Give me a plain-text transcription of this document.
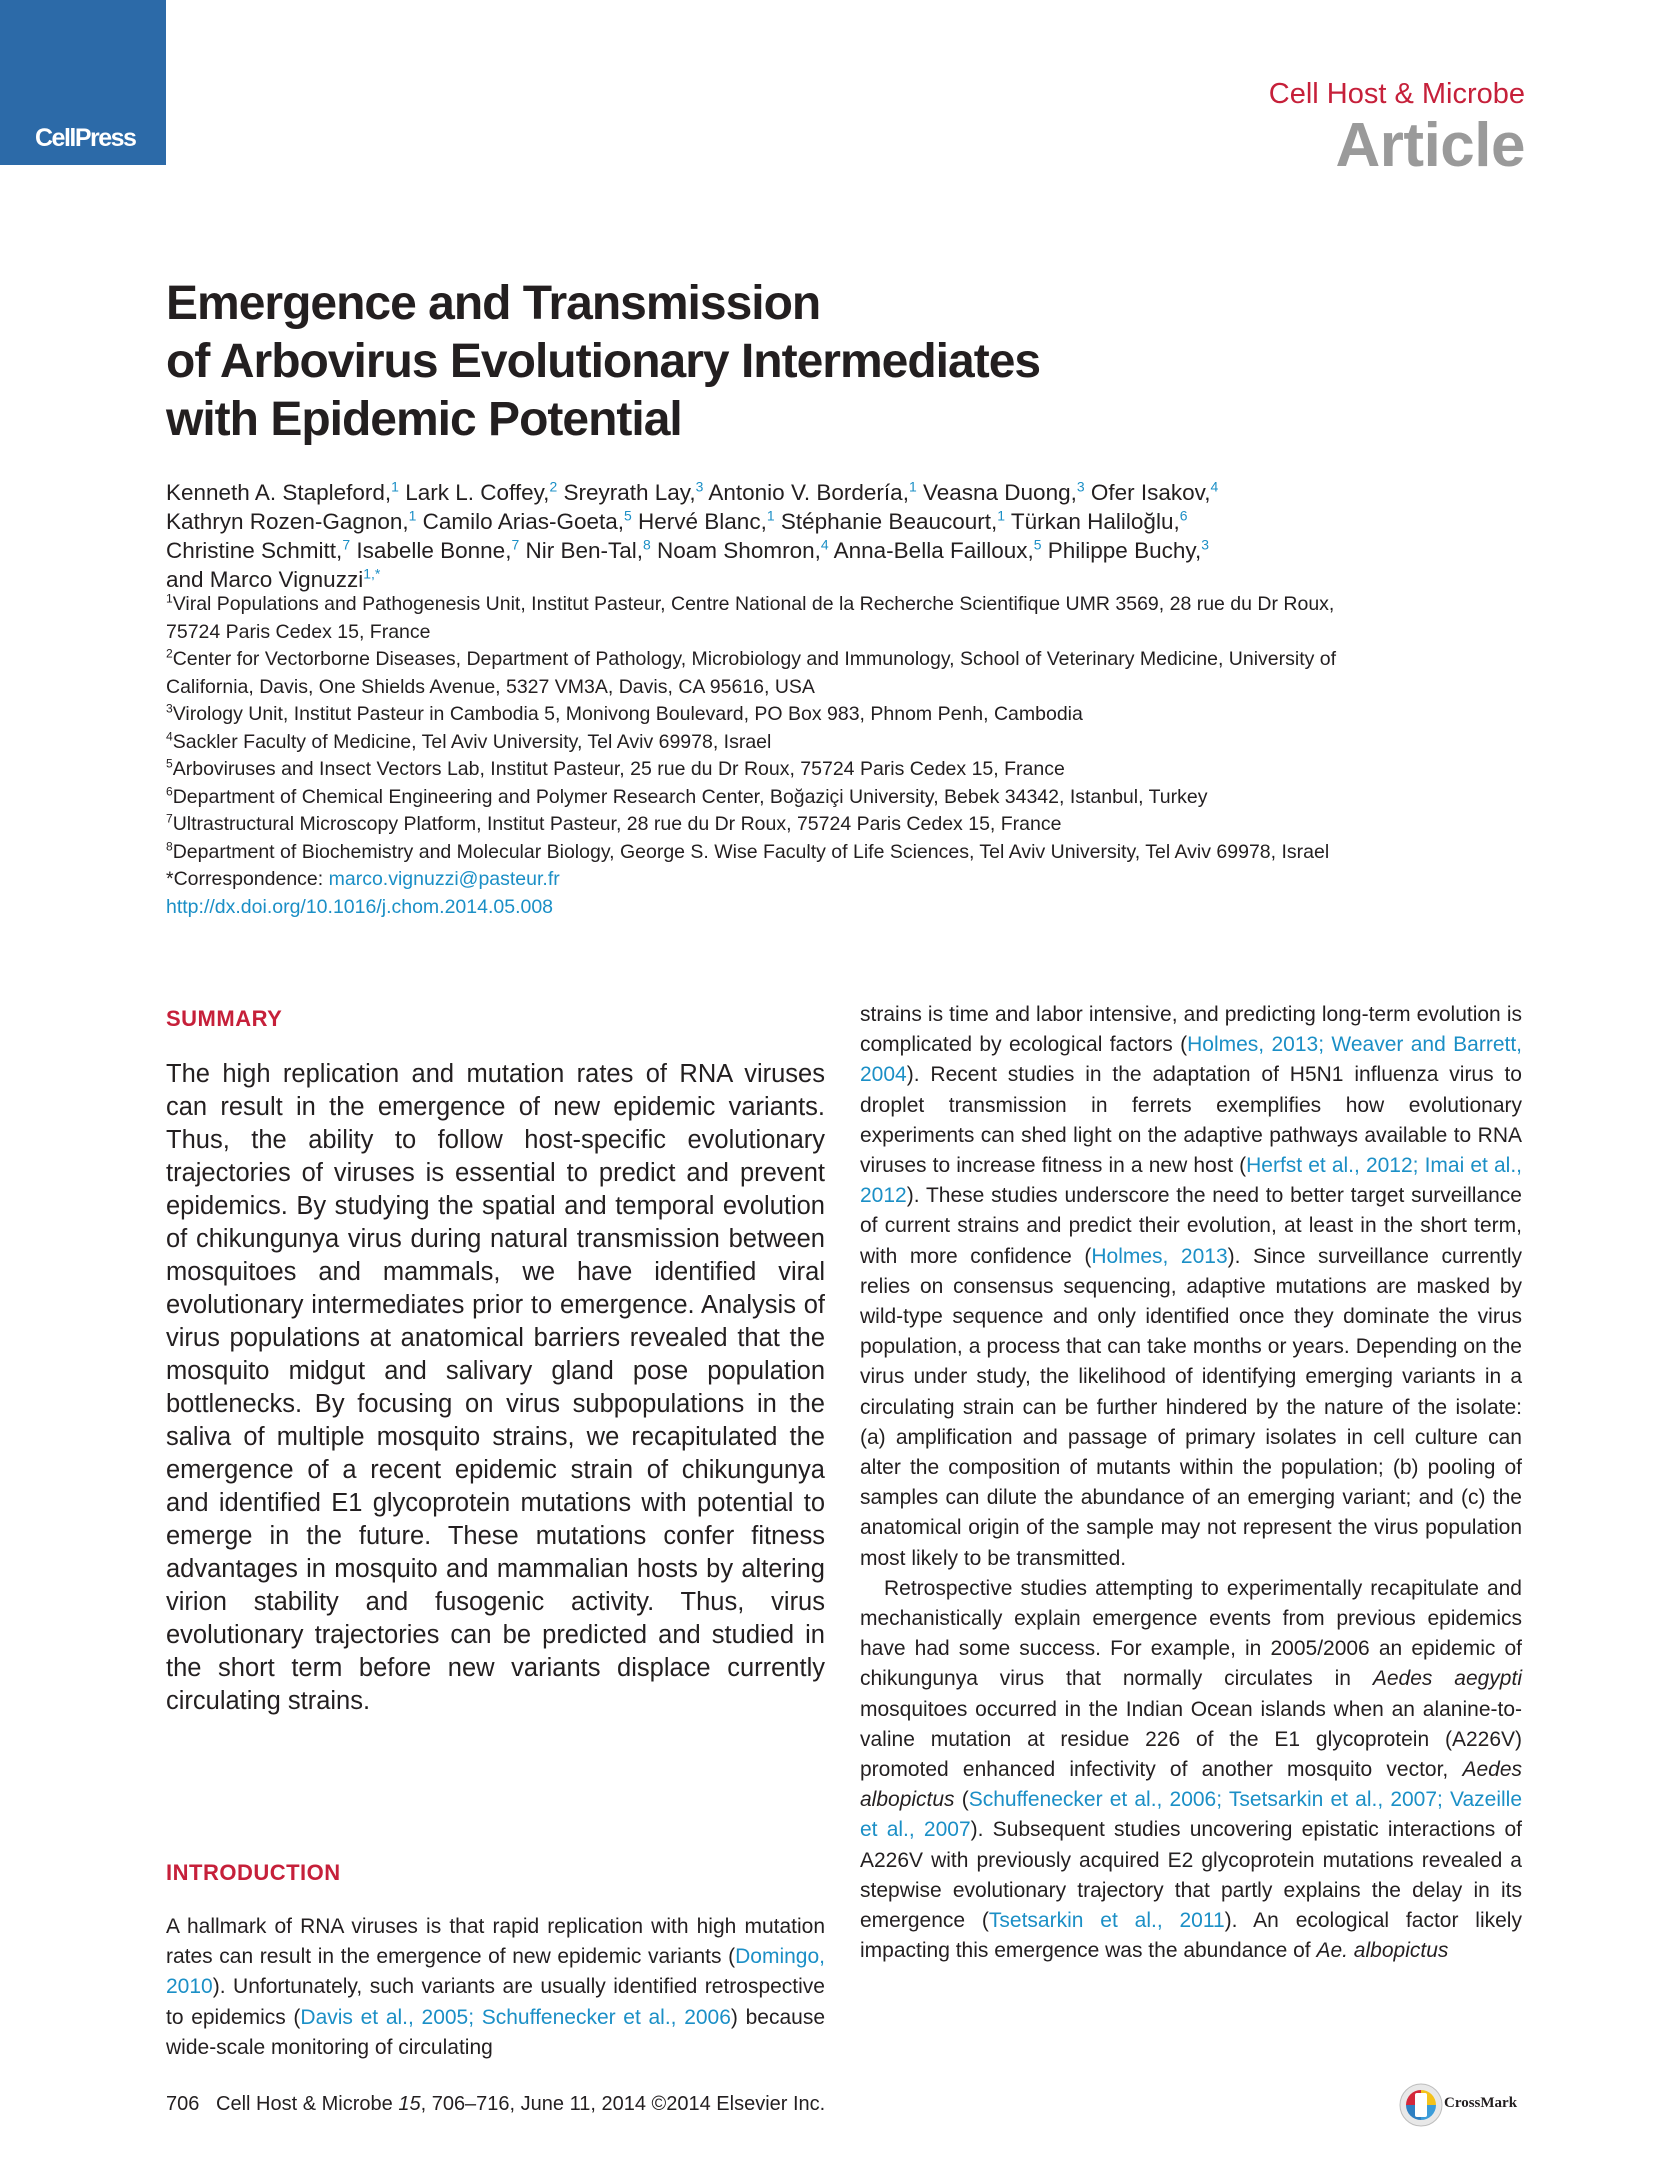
CellPress
Cell Host & Microbe
Article
Emergence and Transmission
of Arbovirus Evolutionary Intermediates
with Epidemic Potential
Kenneth A. Stapleford,$^1$ Lark L. Coffey,$^2$ Sreyrath Lay,$^3$ Antonio V. Bordería,$^1$ Veasna Duong,$^3$ Ofer Isakov,$^4$
Kathryn Rozen-Gagnon,$^1$ Camilo Arias-Goeta,$^5$ Hervé Blanc,$^1$ Stéphanie Beaucourt,$^1$ Türkan Haliloğlu,$^6$
Christine Schmitt,$^7$ Isabelle Bonne,$^7$ Nir Ben-Tal,$^8$ Noam Shomron,$^4$ Anna-Bella Failloux,$^5$ Philippe Buchy,$^3$
and Marco Vignuzzi$^{1,*}$
$^1$Viral Populations and Pathogenesis Unit, Institut Pasteur, Centre National de la Recherche Scientifique UMR 3569, 28 rue du Dr Roux,
75724 Paris Cedex 15, France
$^2$Center for Vectorborne Diseases, Department of Pathology, Microbiology and Immunology, School of Veterinary Medicine, University of
California, Davis, One Shields Avenue, 5327 VM3A, Davis, CA 95616, USA
$^3$Virology Unit, Institut Pasteur in Cambodia 5, Monivong Boulevard, PO Box 983, Phnom Penh, Cambodia
$^4$Sackler Faculty of Medicine, Tel Aviv University, Tel Aviv 69978, Israel
$^5$Arboviruses and Insect Vectors Lab, Institut Pasteur, 25 rue du Dr Roux, 75724 Paris Cedex 15, France
$^6$Department of Chemical Engineering and Polymer Research Center, Boğaziçi University, Bebek 34342, Istanbul, Turkey
$^7$Ultrastructural Microscopy Platform, Institut Pasteur, 28 rue du Dr Roux, 75724 Paris Cedex 15, France
$^8$Department of Biochemistry and Molecular Biology, George S. Wise Faculty of Life Sciences, Tel Aviv University, Tel Aviv 69978, Israel
*Correspondence: marco.vignuzzi@pasteur.fr
http://dx.doi.org/10.1016/j.chom.2014.05.008
SUMMARY
The high replication and mutation rates of RNA viruses can result in the emergence of new epidemic variants. Thus, the ability to follow host-specific evolutionary trajectories of viruses is essential to predict and prevent epidemics. By studying the spatial and temporal evolution of chikungunya virus during natural transmission between mosquitoes and mammals, we have identified viral evolutionary intermediates prior to emergence. Analysis of virus populations at anatomical barriers revealed that the mosquito midgut and salivary gland pose population bottlenecks. By focusing on virus subpopulations in the saliva of multiple mosquito strains, we recapitulated the emergence of a recent epidemic strain of chikungunya and identified E1 glycoprotein mutations with potential to emerge in the future. These mutations confer fitness advantages in mosquito and mammalian hosts by altering virion stability and fusogenic activity. Thus, virus evolutionary trajectories can be predicted and studied in the short term before new variants displace currently circulating strains.
INTRODUCTION
A hallmark of RNA viruses is that rapid replication with high mutation rates can result in the emergence of new epidemic variants (Domingo, 2010). Unfortunately, such variants are usually identified retrospective to epidemics (Davis et al., 2005; Schuffenecker et al., 2006) because wide-scale monitoring of circulating

strains is time and labor intensive, and predicting long-term evolution is complicated by ecological factors (Holmes, 2013; Weaver and Barrett, 2004). Recent studies in the adaptation of H5N1 influenza virus to droplet transmission in ferrets exemplifies how evolutionary experiments can shed light on the adaptive pathways available to RNA viruses to increase fitness in a new host (Herfst et al., 2012; Imai et al., 2012). These studies underscore the need to better target surveillance of current strains and predict their evolution, at least in the short term, with more confidence (Holmes, 2013). Since surveillance currently relies on consensus sequencing, adaptive mutations are masked by wild-type sequence and only identified once they dominate the virus population, a process that can take months or years. Depending on the virus under study, the likelihood of identifying emerging variants in a circulating strain can be further hindered by the nature of the isolate: (a) amplification and passage of primary isolates in cell culture can alter the composition of mutants within the population; (b) pooling of samples can dilute the abundance of an emerging variant; and (c) the anatomical origin of the sample may not represent the virus population most likely to be transmitted.

Retrospective studies attempting to experimentally recapitulate and mechanistically explain emergence events from previous epidemics have had some success. For example, in 2005/2006 an epidemic of chikungunya virus that normally circulates in Aedes aegypti mosquitoes occurred in the Indian Ocean islands when an alanine-to-valine mutation at residue 226 of the E1 glycoprotein (A226V) promoted enhanced infectivity of another mosquito vector, Aedes albopictus (Schuffenecker et al., 2006; Tsetsarkin et al., 2007; Vazeille et al., 2007). Subsequent studies uncovering epistatic interactions of A226V with previously acquired E2 glycoprotein mutations revealed a stepwise evolutionary trajectory that partly explains the delay in its emergence (Tsetsarkin et al., 2011). An ecological factor likely impacting this emergence was the abundance of Ae. albopictus

706 Cell Host & Microbe 15, 706–716, June 11, 2014 ©2014 Elsevier Inc.	CrossMark
